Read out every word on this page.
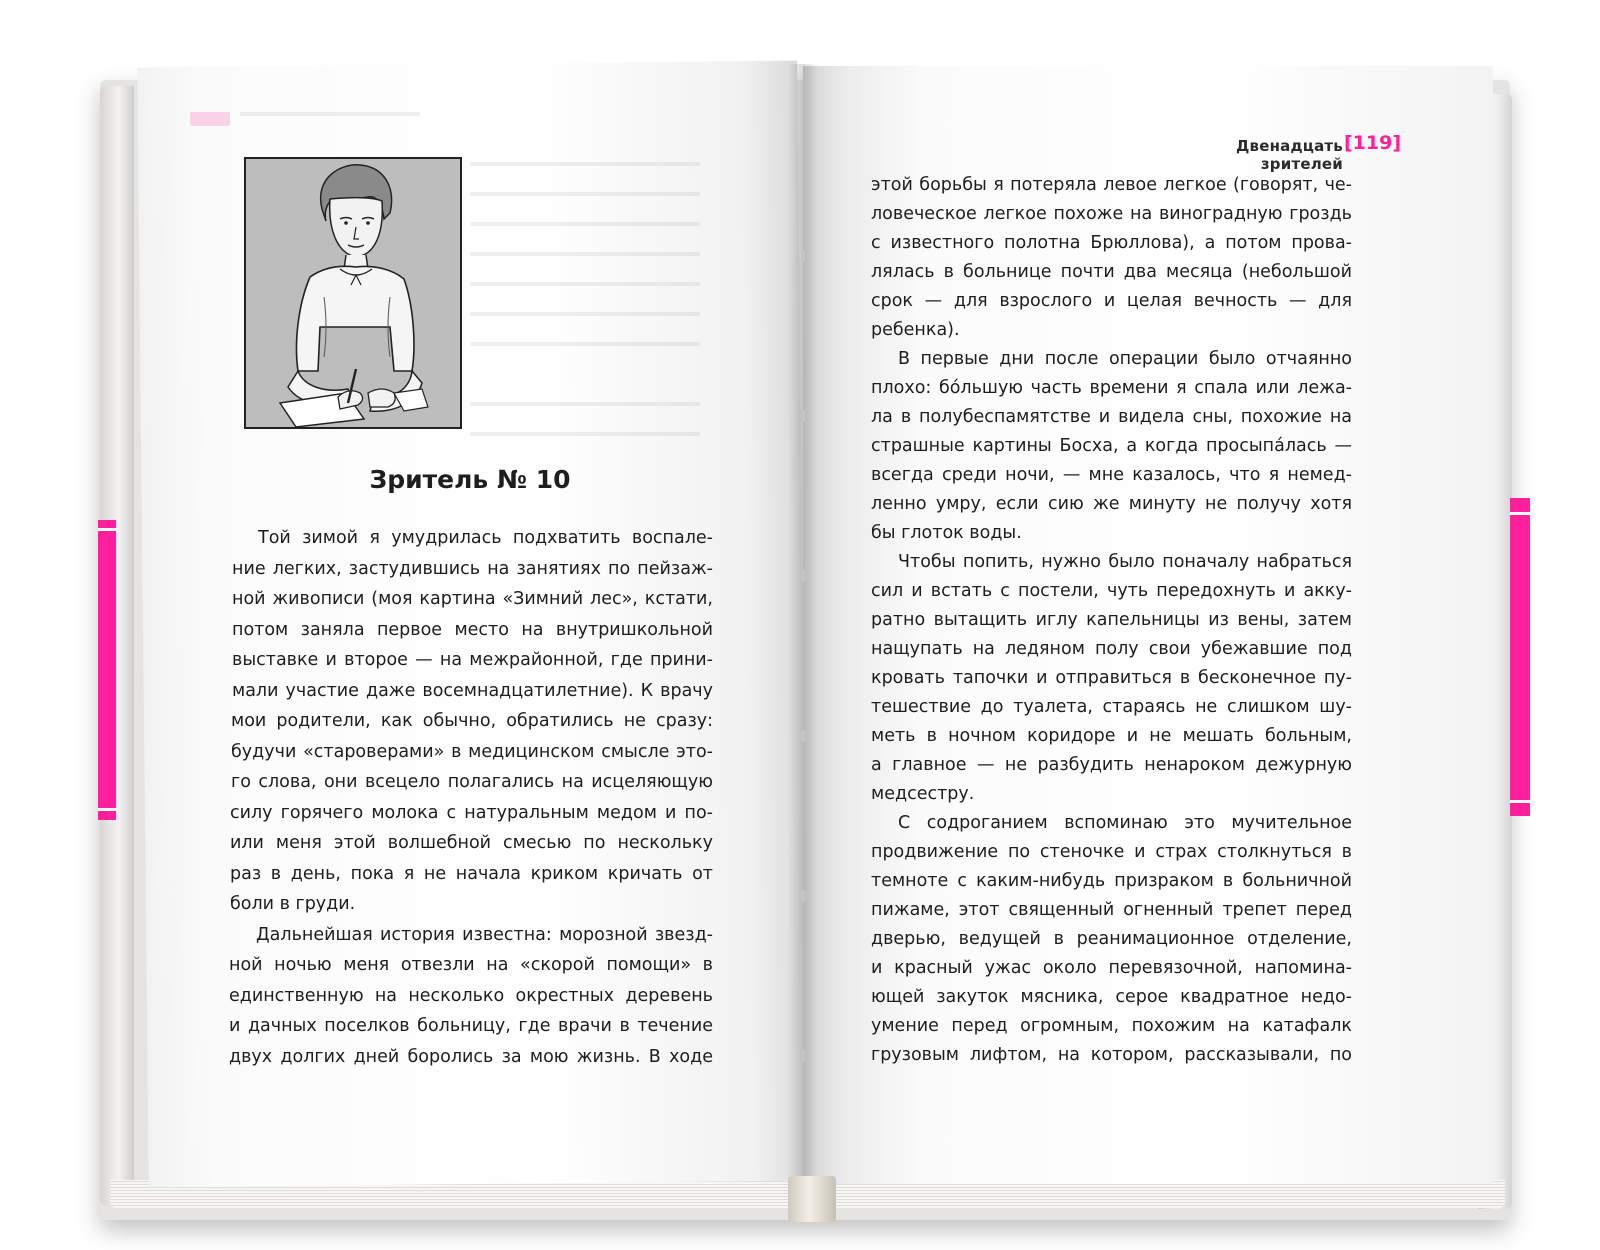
Двенадцать зрителей
[119]
Зритель № 10

Той зимой я умудрилась подхватить воспале-

ние легких, застудившись на занятиях по пейзаж-

ной живописи (моя картина «Зимний лес», кстати,

потом заняла первое место на внутришкольной

выставке и второе — на межрайонной, где прини-

мали участие даже восемнадцатилетние). К врачу

мои родители, как обычно, обратились не сразу:

будучи «староверами» в медицинском смысле это-

го слова, они всецело полагались на исцеляющую

силу горячего молока с натуральным медом и по-

или меня этой волшебной смесью по нескольку

раз в день, пока я не начала криком кричать от

боли в груди.

Дальнейшая история известна: морозной звезд-

ной ночью меня отвезли на «скорой помощи» в

единственную на несколько окрестных деревень

и дачных поселков больницу, где врачи в течение

двух долгих дней боролись за мою жизнь. В ходе

этой борьбы я потеряла левое легкое (говорят, че-

ловеческое легкое похоже на виноградную гроздь

с известного полотна Брюллова), а потом прова-

лялась в больнице почти два месяца (небольшой

срок — для взрослого и целая вечность — для

ребенка).

В первые дни после операции было отчаянно

плохо: бóльшую часть времени я спала или лежа-

ла в полубеспамятстве и видела сны, похожие на

страшные картины Босха, а когда просыпáлась —

всегда среди ночи, — мне казалось, что я немед-

ленно умру, если сию же минуту не получу хотя

бы глоток воды.

Чтобы попить, нужно было поначалу набраться

сил и встать с постели, чуть передохнуть и акку-

ратно вытащить иглу капельницы из вены, затем

нащупать на ледяном полу свои убежавшие под

кровать тапочки и отправиться в бесконечное пу-

тешествие до туалета, стараясь не слишком шу-

меть в ночном коридоре и не мешать больным,

а главное — не разбудить ненароком дежурную

медсестру.

С содроганием вспоминаю это мучительное

продвижение по стеночке и страх столкнуться в

темноте с каким-нибудь призраком в больничной

пижаме, этот священный огненный трепет перед

дверью, ведущей в реанимационное отделение,

и красный ужас около перевязочной, напомина-

ющей закуток мясника, серое квадратное недо-

умение перед огромным, похожим на катафалк

грузовым лифтом, на котором, рассказывали, по
